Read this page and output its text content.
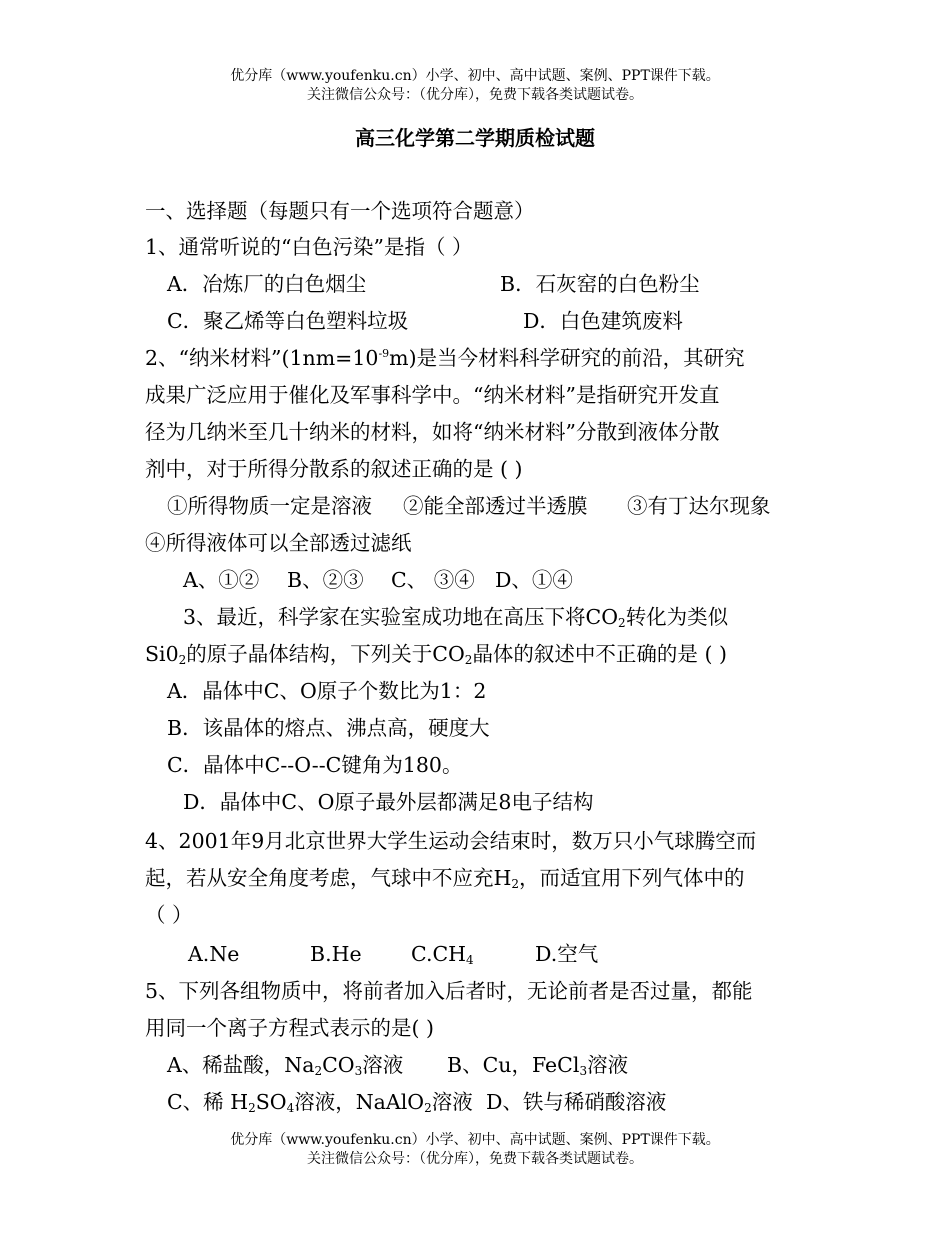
优分库（www.youfenku.cn）小学、初中、高中试题、案例、PPT课件下载。
关注微信公众号：（优分库），免费下载各类试题试卷。
高三化学第二学期质检试题
一、选择题（每题只有一个选项符合题意）
1、通常听说的“白色污染”是指（ ）
A．冶炼厂的白色烟尘	B．石灰窑的白色粉尘
C．聚乙烯等白色塑料垃圾	D．白色建筑废料
2、“纳米材料$”(1nm=10^{-9}m)$是当今材料科学研究的前沿，其研究
成果广泛应用于催化及军事科学中。“纳米材料”是指研究开发直
径为几纳米至几十纳米的材料，如将“纳米材料”分散到液体分散
剂中，对于所得分散系的叙述正确的是 ( )
①所得物质一定是溶液 ②能全部透过半透膜 ③有丁达尔现象
④所得液体可以全部透过滤纸
A、①② B、②③ C、 ③④ D、①④
3、最近，科学家在实验室成功地在高压下将$CO_2$转化为类似
$Si0_2$的原子晶体结构，下列关于$CO_2$晶体的叙述中不正确的是 ( )
A．晶体中C、O原子个数比为1：2
B．该晶体的熔点、沸点高，硬度大
C．晶体中C--O--C键角为180。
D．晶体中C、O原子最外层都满足8电子结构
4、2001年9月北京世界大学生运动会结束时，数万只小气球腾空而
起，若从安全角度考虑，气球中不应充$H_2$，而适宜用下列气体中的
（ ）
A.Ne	B.He $C.CH_4$	D.空气
5、下列各组物质中，将前者加入后者时，无论前者是否过量，都能
用同一个离子方程式表示的是( )
A、稀盐酸，$Na_2CO_3$溶液 B、Cu，FeCl$_3$溶液
C、稀 $H_2SO_4$溶液，NaAlO$_2$溶液 D、铁与稀硝酸溶液
优分库（www.youfenku.cn）小学、初中、高中试题、案例、PPT课件下载。
关注微信公众号：（优分库），免费下载各类试题试卷。
